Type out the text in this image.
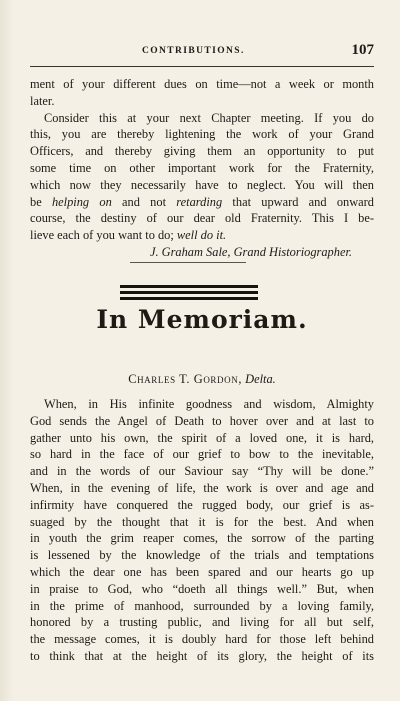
CONTRIBUTIONS.	107
ment of your different dues on time—not a week or month
later.
Consider this at your next Chapter meeting. If you do
this, you are thereby lightening the work of your Grand
Officers, and thereby giving them an opportunity to put
some time on other important work for the Fraternity,
which now they necessarily have to neglect. You will then
be helping on and not retarding that upward and onward
course, the destiny of our dear old Fraternity. This I be-
lieve each of you want to do; well do it.
J. Graham Sale, Grand Historiographer.
In Memoriam.
Charles T. Gordon, Delta.
When, in His infinite goodness and wisdom, Almighty
God sends the Angel of Death to hover over and at last to
gather unto his own, the spirit of a loved one, it is hard,
so hard in the face of our grief to bow to the inevitable,
and in the words of our Saviour say “Thy will be done.”
When, in the evening of life, the work is over and age and
infirmity have conquered the rugged body, our grief is as-
suaged by the thought that it is for the best. And when
in youth the grim reaper comes, the sorrow of the parting
is lessened by the knowledge of the trials and temptations
which the dear one has been spared and our hearts go up
in praise to God, who “doeth all things well.” But, when
in the prime of manhood, surrounded by a loving family,
honored by a trusting public, and living for all but self,
the message comes, it is doubly hard for those left behind
to think that at the height of its glory, the height of its
